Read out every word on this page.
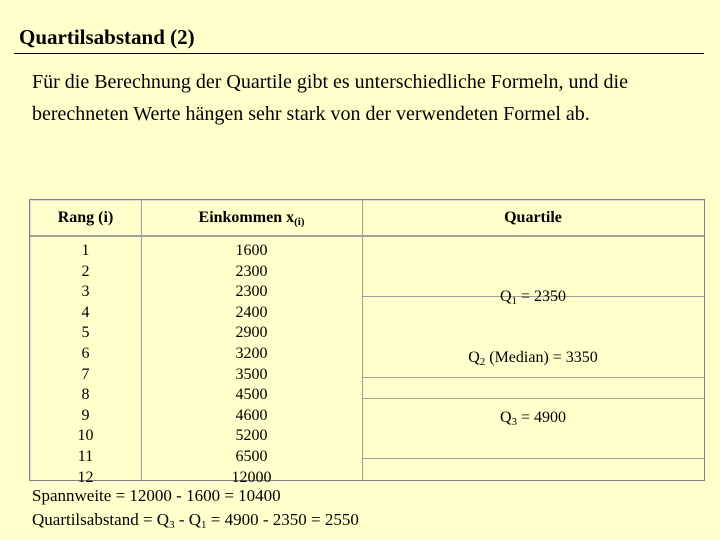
Quartilsabstand (2)
Für die Berechnung der Quartile gibt es unterschiedliche Formeln, und die berechneten Werte hängen sehr stark von der verwendeten Formel ab.
Rang (i)	Einkommen $x_{(i)}$	Quartile
1
2
3
4
5
6
7
8
9
10
11
12
1600
2300
2300
2400
2900
3200
3500
4500
4600
5200
6500
12000
$Q_1 = 2350$
$Q_2$ (Median) = 3350
$Q_3 = 4900$
Spannweite = 12000 - 1600 = 10400
Quartilsabstand = $Q_3 - Q_1 = 4900 - 2350 = 2550$
